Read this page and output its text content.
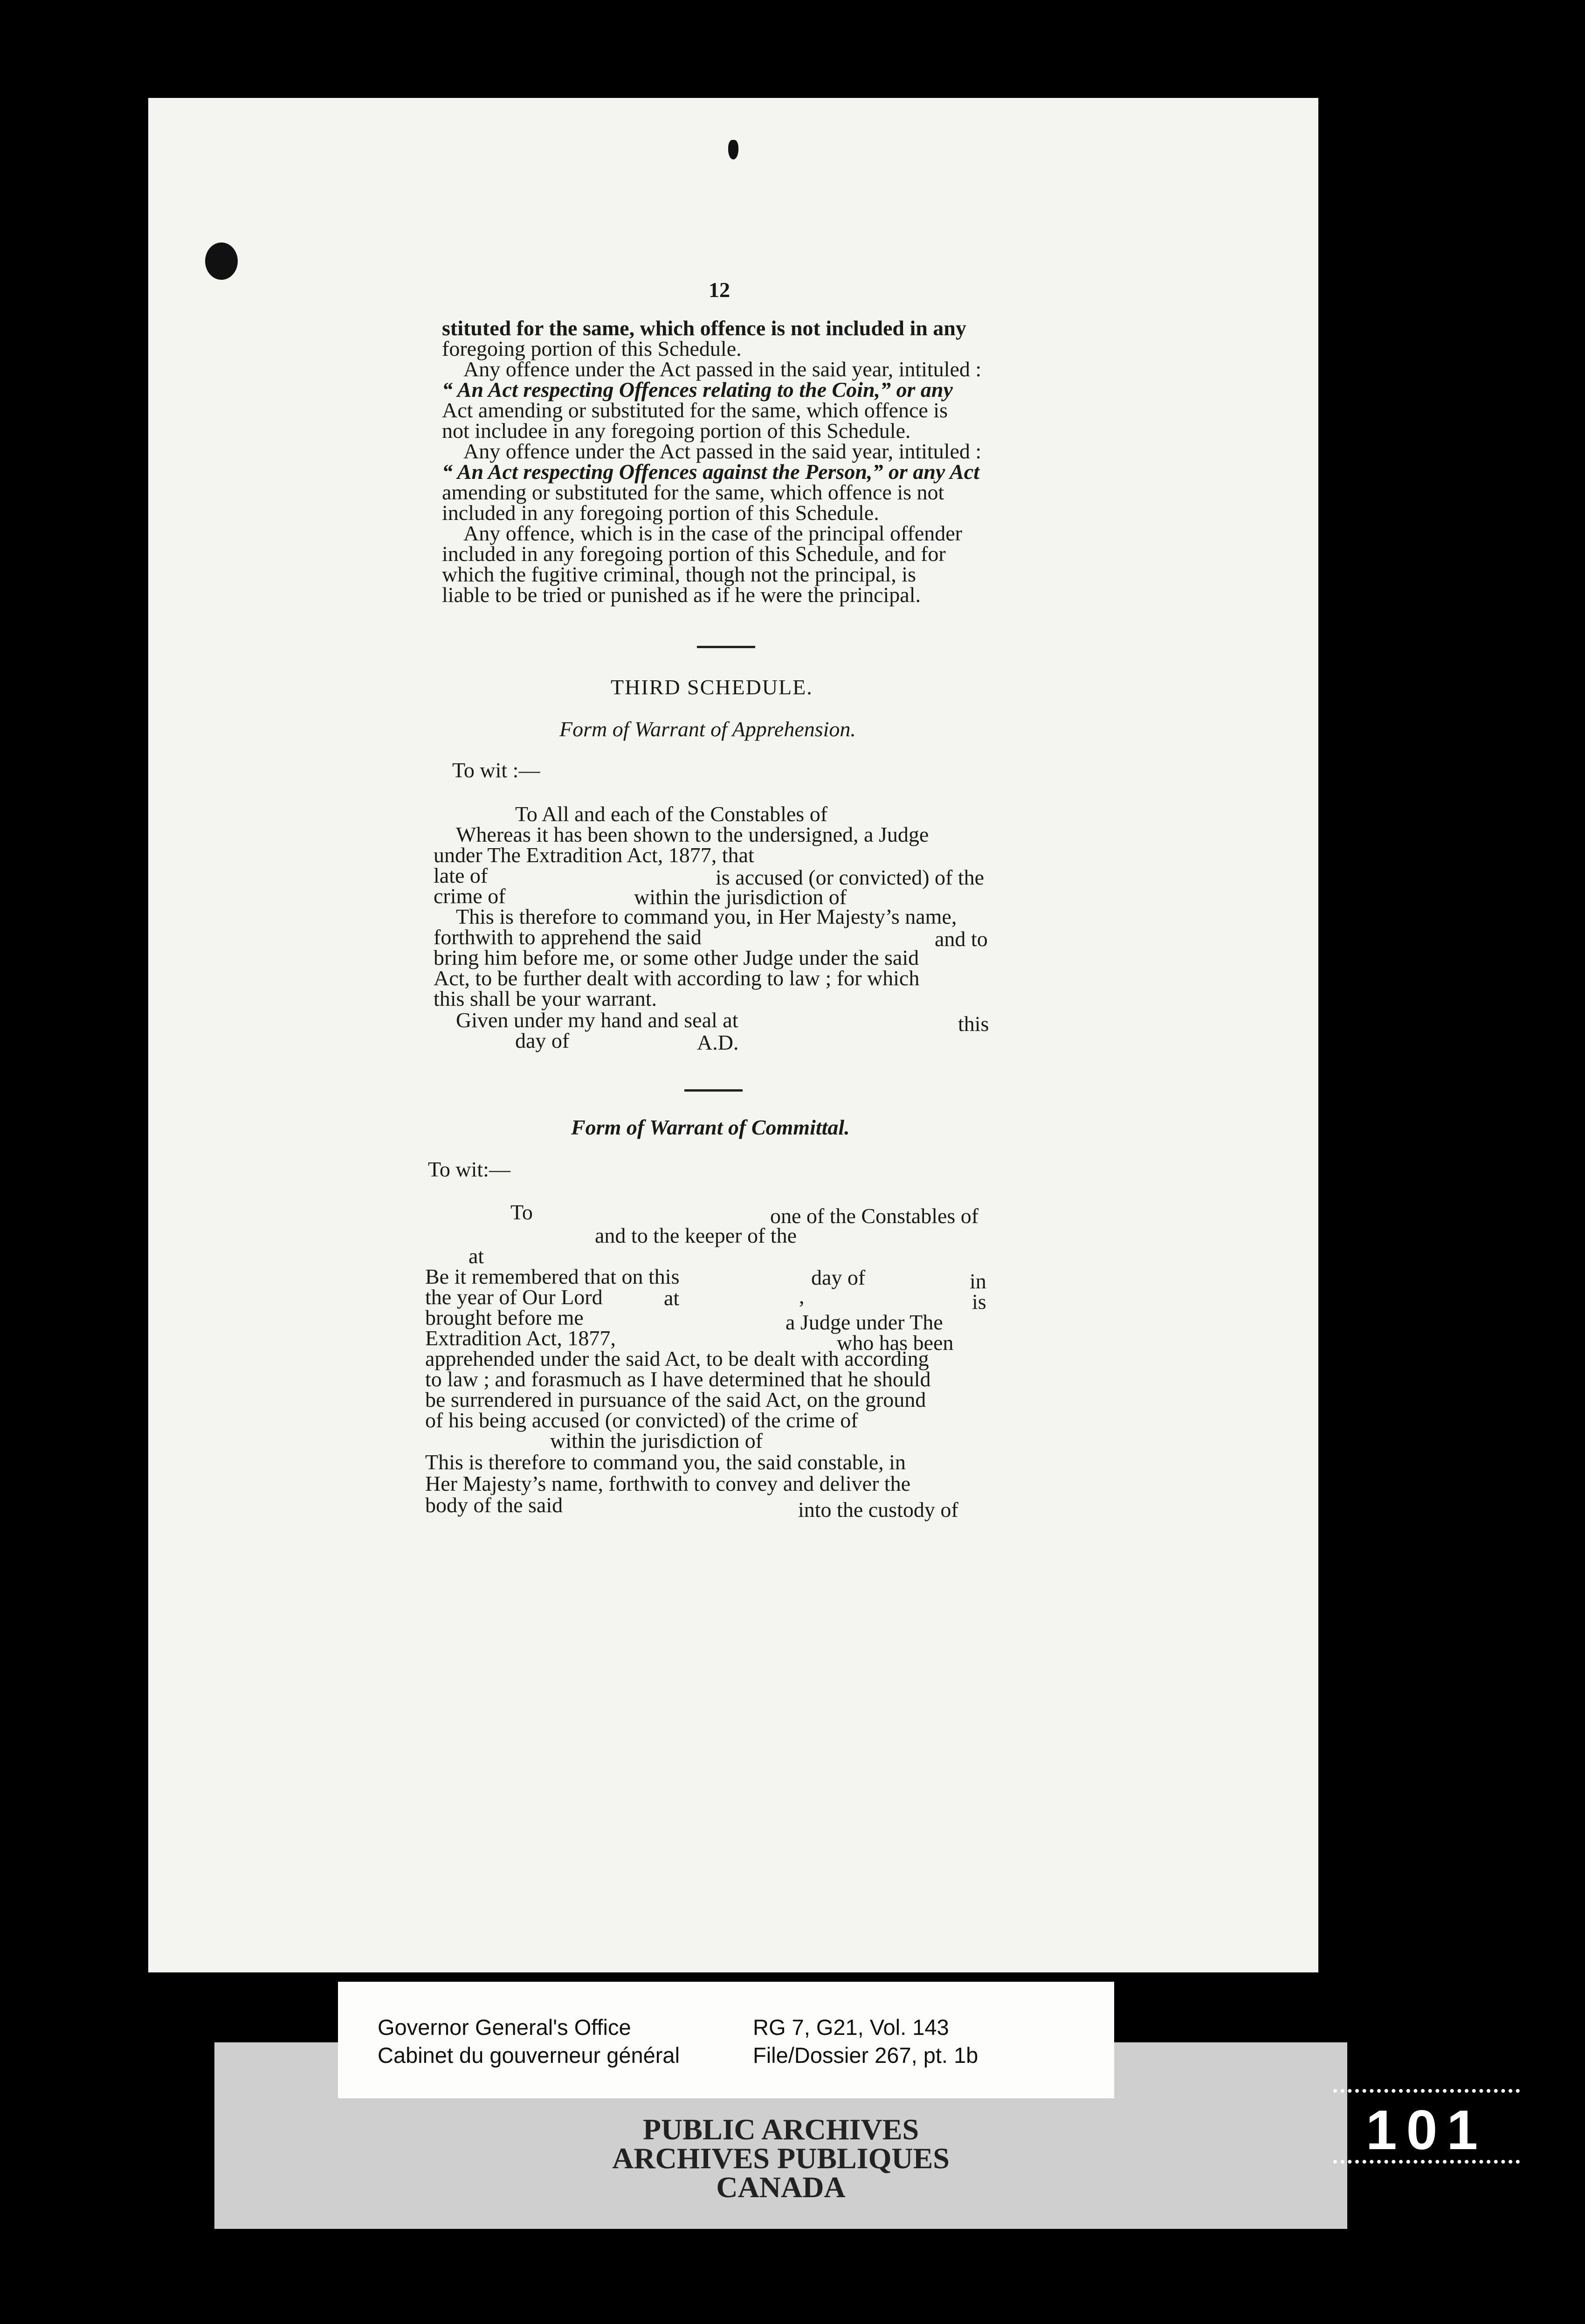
12
stituted for the same, which offence is not included in any
foregoing portion of this Schedule.
Any offence under the Act passed in the said year, intituled :
“ An Act respecting Offences relating to the Coin,” or any
Act amending or substituted for the same, which offence is
not includee in any foregoing portion of this Schedule.
Any offence under the Act passed in the said year, intituled :
“ An Act respecting Offences against the Person,” or any Act
amending or substituted for the same, which offence is not
included in any foregoing portion of this Schedule.
Any offence, which is in the case of the principal offender
included in any foregoing portion of this Schedule, and for
which the fugitive criminal, though not the principal, is
liable to be tried or punished as if he were the principal.
THIRD SCHEDULE.
Form of Warrant of Apprehension.
To wit :—
To All and each of the Constables of
Whereas it has been shown to the undersigned, a Judge
under The Extradition Act, 1877, that
late of	is accused (or convicted) of the
crime of	within the jurisdiction of
This is therefore to command you, in Her Majesty’s name,
forthwith to apprehend the said	and to
bring him before me, or some other Judge under the said
Act, to be further dealt with according to law ; for which
this shall be your warrant.
Given under my hand and seal at	this
day of	A.D.
Form of Warrant of Committal.
To wit:—
To	one of the Constables of
and to the keeper of the
at
Be it remembered that on this	day of	in
the year of Our Lord	at	,	is
brought before me	a Judge under The
Extradition Act, 1877,	who has been
apprehended under the said Act, to be dealt with according
to law ; and forasmuch as I have determined that he should
be surrendered in pursuance of the said Act, on the ground
of his being accused (or convicted) of the crime of
within the jurisdiction of
This is therefore to command you, the said constable, in
Her Majesty’s name, forthwith to convey and deliver the
body of the said	into the custody of
PUBLIC ARCHIVES
ARCHIVES PUBLIQUES
CANADA
Governor General's Office
Cabinet du gouverneur général
RG 7, G21, Vol. 143
File/Dossier 267, pt. 1b
101
